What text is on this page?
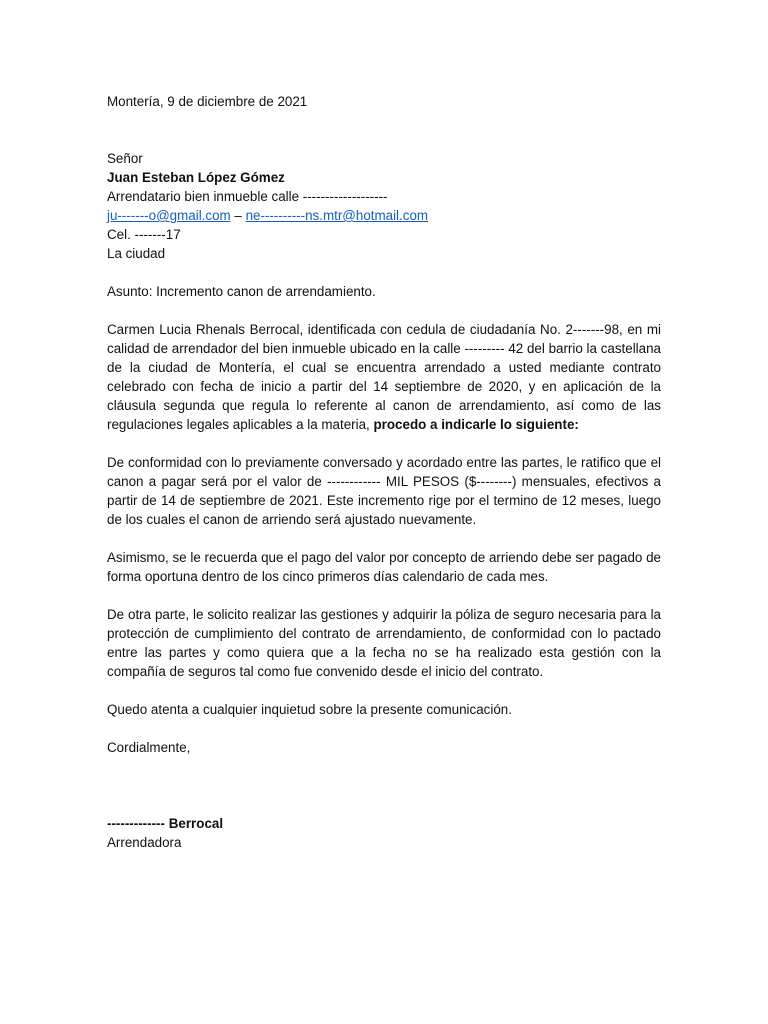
Montería, 9 de diciembre de 2021
Señor
Juan Esteban López Gómez
Arrendatario bien inmueble calle -------------------
ju-------o@gmail.com – ne----------ns.mtr@hotmail.com
Cel. -------17
La ciudad
Asunto: Incremento canon de arrendamiento.
Carmen Lucia Rhenals Berrocal, identificada con cedula de ciudadanía No. 2-------98, en mi calidad de arrendador del bien inmueble ubicado en la calle --------- 42 del barrio la castellana de la ciudad de Montería, el cual se encuentra arrendado a usted mediante contrato celebrado con fecha de inicio a partir del 14 septiembre de 2020, y en aplicación de la cláusula segunda que regula lo referente al canon de arrendamiento, así como de las regulaciones legales aplicables a la materia, procedo a indicarle lo siguiente:
De conformidad con lo previamente conversado y acordado entre las partes, le ratifico que el canon a pagar será por el valor de ------------ MIL PESOS ($--------) mensuales, efectivos a partir de 14 de septiembre de 2021. Este incremento rige por el termino de 12 meses, luego de los cuales el canon de arriendo será ajustado nuevamente.
Asimismo, se le recuerda que el pago del valor por concepto de arriendo debe ser pagado de forma oportuna dentro de los cinco primeros días calendario de cada mes.
De otra parte, le solicito realizar las gestiones y adquirir la póliza de seguro necesaria para la protección de cumplimiento del contrato de arrendamiento, de conformidad con lo pactado entre las partes y como quiera que a la fecha no se ha realizado esta gestión con la compañía de seguros tal como fue convenido desde el inicio del contrato.
Quedo atenta a cualquier inquietud sobre la presente comunicación.
Cordialmente,
------------- Berrocal
Arrendadora
